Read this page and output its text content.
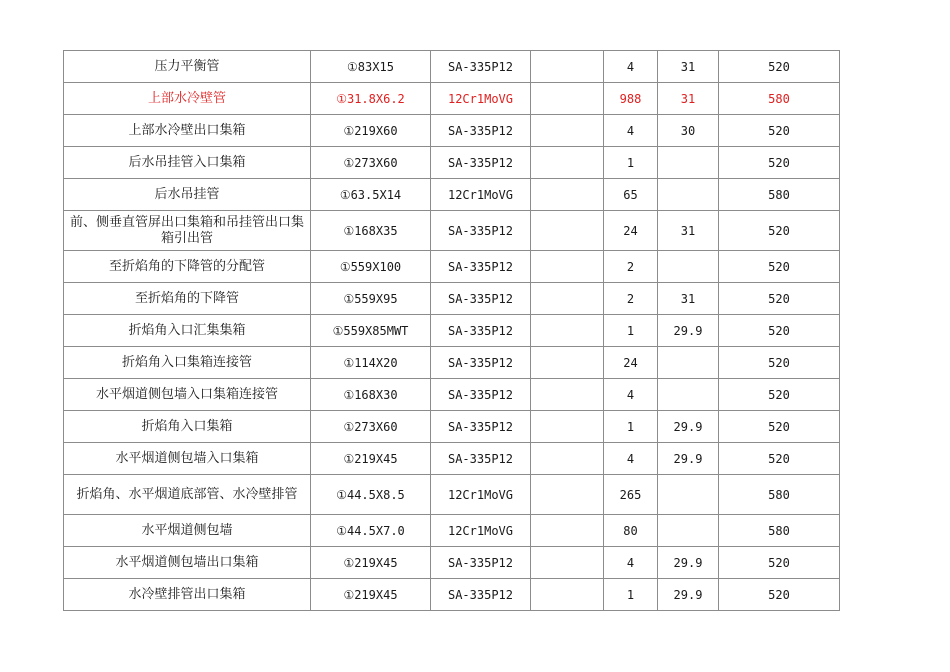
压力平衡管	①83X15	SA-335P12		4	31	520
上部水冷壁管	①31.8X6.2	12Cr1MoVG		988	31	580
上部水冷壁出口集箱	①219X60	SA-335P12		4	30	520
后水吊挂管入口集箱	①273X60	SA-335P12		1		520
后水吊挂管	①63.5X14	12Cr1MoVG		65		580
前、侧垂直管屏出口集箱和吊挂管出口集箱引出管	①168X35	SA-335P12		24	31	520
至折焰角的下降管的分配管	①559X100	SA-335P12		2		520
至折焰角的下降管	①559X95	SA-335P12		2	31	520
折焰角入口汇集集箱	①559X85MWT	SA-335P12		1	29.9	520
折焰角入口集箱连接管	①114X20	SA-335P12		24		520
水平烟道侧包墙入口集箱连接管	①168X30	SA-335P12		4		520
折焰角入口集箱	①273X60	SA-335P12		1	29.9	520
水平烟道侧包墙入口集箱	①219X45	SA-335P12		4	29.9	520
折焰角、水平烟道底部管、水冷壁排管	①44.5X8.5	12Cr1MoVG		265		580
水平烟道侧包墙	①44.5X7.0	12Cr1MoVG		80		580
水平烟道侧包墙出口集箱	①219X45	SA-335P12		4	29.9	520
水冷壁排管出口集箱	①219X45	SA-335P12		1	29.9	520
